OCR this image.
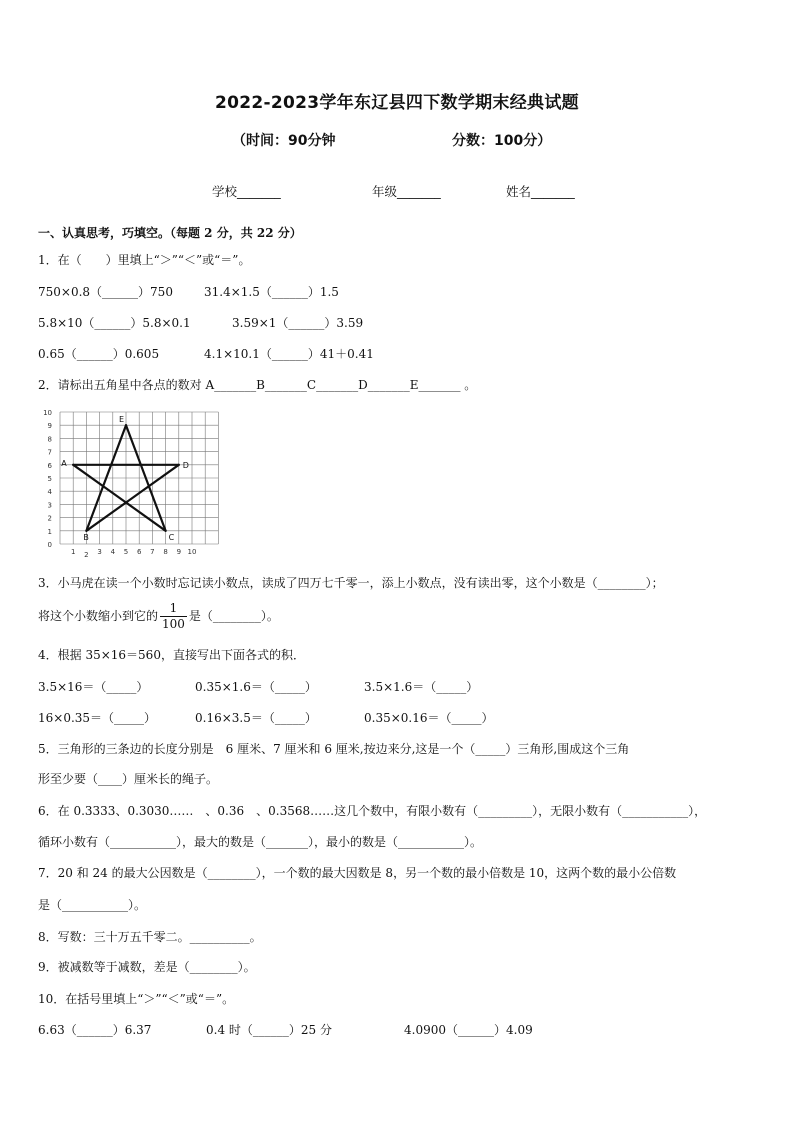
2022-2023学年东辽县四下数学期末经典试题
（时间：90分钟	分数：100分）
学校_______	年级_______	姓名_______
一、认真思考，巧填空。（每题 2 分，共 22 分）
1．在（　　）里填上“＞”“＜”或“＝”。
750×0.8（______）750	31.4×1.5（______）1.5
5.8×10（______）5.8×0.1	3.59×1（______）3.59
0.65（______）0.605	4.1×10.1（______）41＋0.41
2．请标出五角星中各点的数对 A_______B_______C_______D_______E_______ 。
0
1
2
3
4
5
6
7
8
9
10
1 2 3 4 5 6 7 8 9 10
A
B	C
D
E
3．小马虎在读一个小数时忘记读小数点，读成了四万七千零一，添上小数点，没有读出零，这个小数是（________）；
将这个小数缩小到它的 $\frac{1}{100}$ 是（________）。
4．根据 35×16＝560，直接写出下面各式的积．
3.5×16＝（_____）	0.35×1.6＝（_____）	3.5×1.6＝（_____）
16×0.35＝（_____）	0.16×3.5＝（_____）	0.35×0.16＝（_____）
5．三角形的三条边的长度分别是　6 厘米、7 厘米和 6 厘米,按边来分,这是一个（_____）三角形,围成这个三角
形至少要（____）厘米长的绳子。
6．在 0.3333、0.3030……　、0.36　、0.3568……这几个数中，有限小数有（_________），无限小数有（___________），
循环小数有（___________），最大的数是（_______），最小的数是（___________）。
7．20 和 24 的最大公因数是（________），一个数的最大因数是 8，另一个数的最小倍数是 10，这两个数的最小公倍数
是（___________）。
8．写数：三十万五千零二。__________。
9．被减数等于减数，差是（________）。
10．在括号里填上“＞”“＜”或“＝”。
6.63（______）6.37	0.4 时（______）25 分	4.0900（______）4.09
